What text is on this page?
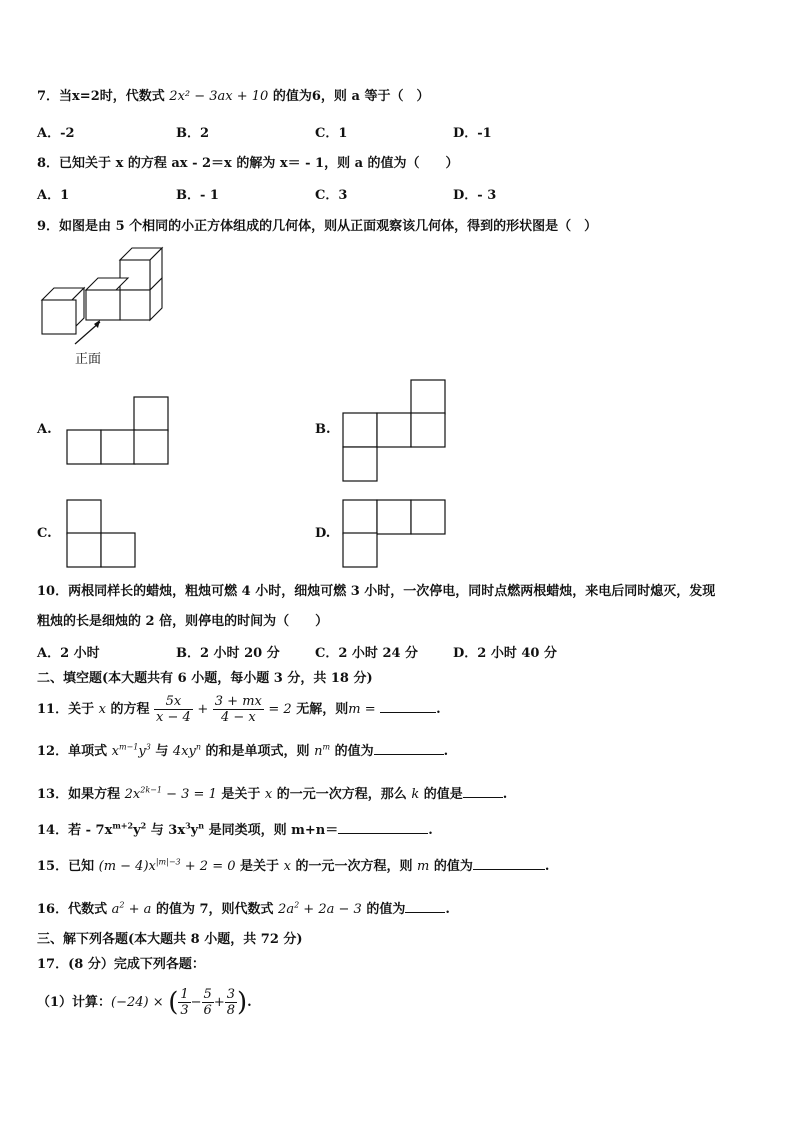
7．当x=2时，代数式 2x² − 3ax + 10 的值为6，则 a 等于（　）
A．-2	B．2	C．1	D．-1
8．已知关于 x 的方程 ax - 2＝x 的解为 x＝ - 1，则 a 的值为（　　）
A．1	B．- 1	C．3	D．- 3
9．如图是由 5 个相同的小正方体组成的几何体，则从正面观察该几何体，得到的形状图是（　）
正面
A.	B.
C.	D.
10．两根同样长的蜡烛，粗烛可燃 4 小时，细烛可燃 3 小时，一次停电，同时点燃两根蜡烛，来电后同时熄灭，发现
粗烛的长是细烛的 2 倍，则停电的时间为（　　）
A．2 小时	B．2 小时 20 分	C．2 小时 24 分	D．2 小时 40 分
二、填空题(本大题共有 6 小题，每小题 3 分，共 18 分)
11．关于 x 的方程 $\frac{5x}{x - 4} + \frac{3 + mx}{4 - x} = 2$ 无解，则m =	.
12．单项式 $x^{m-1}y^3$ 与 $4xy^n$ 的和是单项式，则 $n^m$ 的值为	.
13．如果方程 $2x^{2k-1} - 3 = 1$ 是关于 x 的一元一次方程，那么 k 的值是	.
14．若 - $7x^{m+2}y^2$ 与 $3x^3y^n$ 是同类项，则 m+n＝	.
15．已知 $(m - 4)x^{|m|-3} + 2 = 0$ 是关于 x 的一元一次方程，则 m 的值为	.
16．代数式 $a^2 + a$ 的值为 7，则代数式 $2a^2 + 2a - 3$ 的值为	.
三、解下列各题(本大题共 8 小题，共 72 分)
17．(8 分）完成下列各题：
（1）计算：(−24) × ( $\frac{1}{3} - \frac{5}{6} + \frac{3}{8}$ ).
